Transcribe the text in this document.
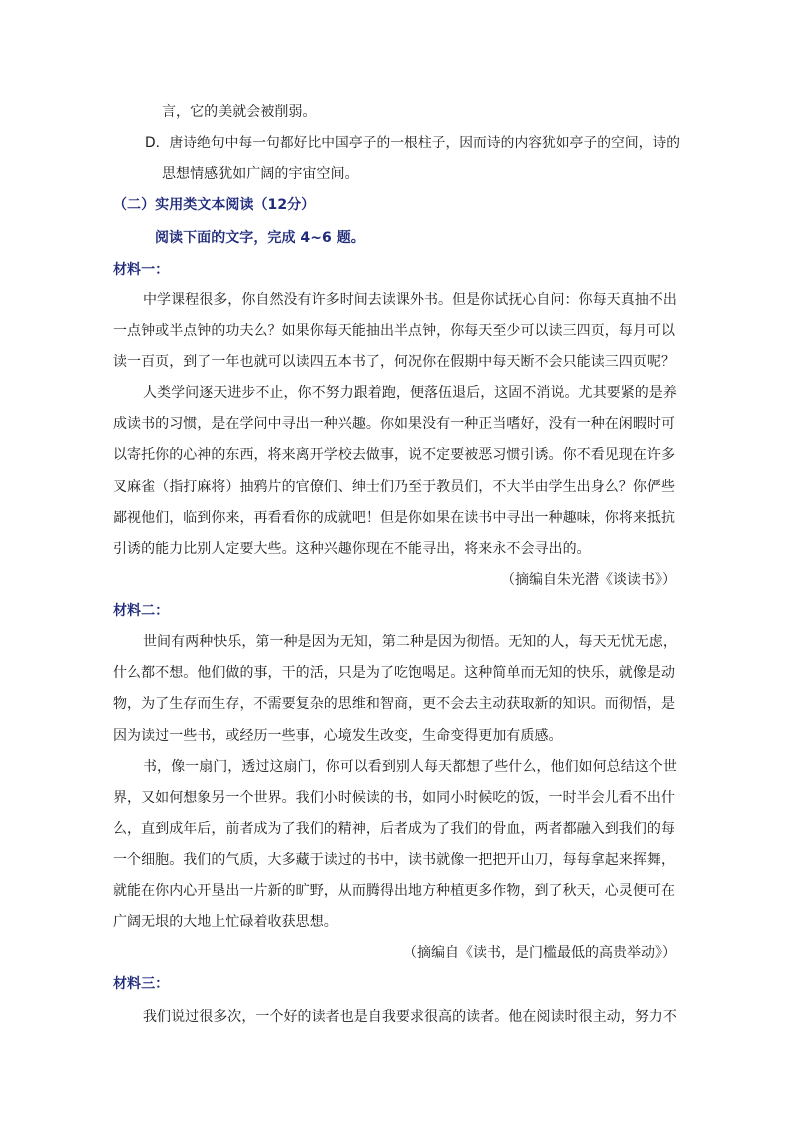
言，它的美就会被削弱。
D．唐诗绝句中每一句都好比中国亭子的一根柱子，因而诗的内容犹如亭子的空间，诗的
思想情感犹如广阔的宇宙空间。
（二）实用类文本阅读（12分）
阅读下面的文字，完成 4~6 题。
材料一：
中学课程很多，你自然没有许多时间去读课外书。但是你试抚心自问：你每天真抽不出
一点钟或半点钟的功夫么？如果你每天能抽出半点钟，你每天至少可以读三四页，每月可以
读一百页，到了一年也就可以读四五本书了，何况你在假期中每天断不会只能读三四页呢？
人类学问逐天进步不止，你不努力跟着跑，便落伍退后，这固不消说。尤其要紧的是养
成读书的习惯，是在学问中寻出一种兴趣。你如果没有一种正当嗜好，没有一种在闲暇时可
以寄托你的心神的东西，将来离开学校去做事，说不定要被恶习惯引诱。你不看见现在许多
叉麻雀（指打麻将）抽鸦片的官僚们、绅士们乃至于教员们，不大半由学生出身么？你俨些
鄙视他们，临到你来，再看看你的成就吧！但是你如果在读书中寻出一种趣味，你将来抵抗
引诱的能力比别人定要大些。这种兴趣你现在不能寻出，将来永不会寻出的。
（摘编自朱光潜《谈读书》）
材料二：
世间有两种快乐，第一种是因为无知，第二种是因为彻悟。无知的人，每天无忧无虑，
什么都不想。他们做的事，干的活，只是为了吃饱喝足。这种简单而无知的快乐，就像是动
物，为了生存而生存，不需要复杂的思维和智商，更不会去主动获取新的知识。而彻悟，是
因为读过一些书，或经历一些事，心境发生改变，生命变得更加有质感。
书，像一扇门，透过这扇门，你可以看到别人每天都想了些什么，他们如何总结这个世
界，又如何想象另一个世界。我们小时候读的书，如同小时候吃的饭，一时半会儿看不出什
么，直到成年后，前者成为了我们的精神，后者成为了我们的骨血，两者都融入到我们的每
一个细胞。我们的气质，大多藏于读过的书中，读书就像一把把开山刀，每每拿起来挥舞，
就能在你内心开垦出一片新的旷野，从而腾得出地方种植更多作物，到了秋天，心灵便可在
广阔无垠的大地上忙碌着收获思想。
（摘编自《读书，是门槛最低的高贵举动》）
材料三：
我们说过很多次，一个好的读者也是自我要求很高的读者。他在阅读时很主动，努力不
